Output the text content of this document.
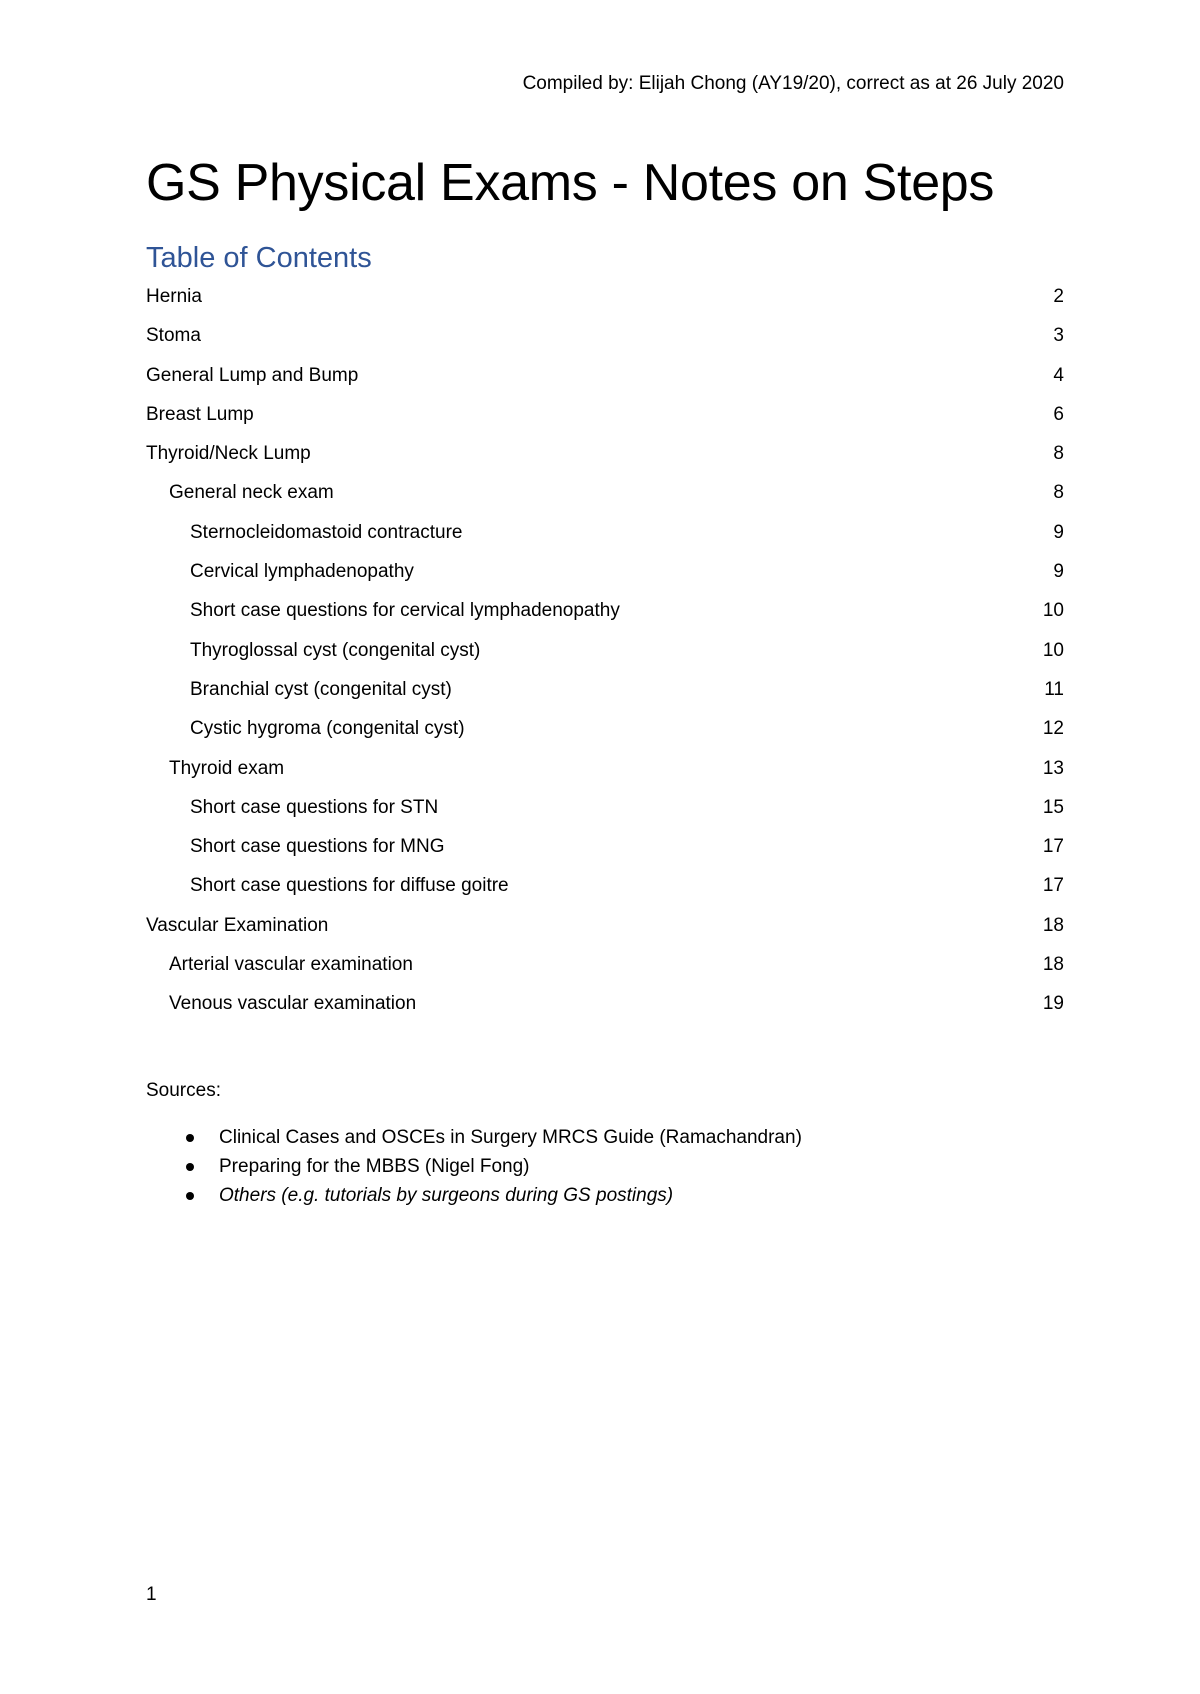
Compiled by: Elijah Chong (AY19/20), correct as at 26 July 2020
GS Physical Exams - Notes on Steps
Table of Contents
Hernia	2
Stoma	3
General Lump and Bump	4
Breast Lump	6
Thyroid/Neck Lump	8
General neck exam	8
Sternocleidomastoid contracture	9
Cervical lymphadenopathy	9
Short case questions for cervical lymphadenopathy	10
Thyroglossal cyst (congenital cyst)	10
Branchial cyst (congenital cyst)	11
Cystic hygroma (congenital cyst)	12
Thyroid exam	13
Short case questions for STN	15
Short case questions for MNG	17
Short case questions for diffuse goitre	17
Vascular Examination	18
Arterial vascular examination	18
Venous vascular examination	19
Sources:
Clinical Cases and OSCEs in Surgery MRCS Guide (Ramachandran)
Preparing for the MBBS (Nigel Fong)
Others (e.g. tutorials by surgeons during GS postings)
1
